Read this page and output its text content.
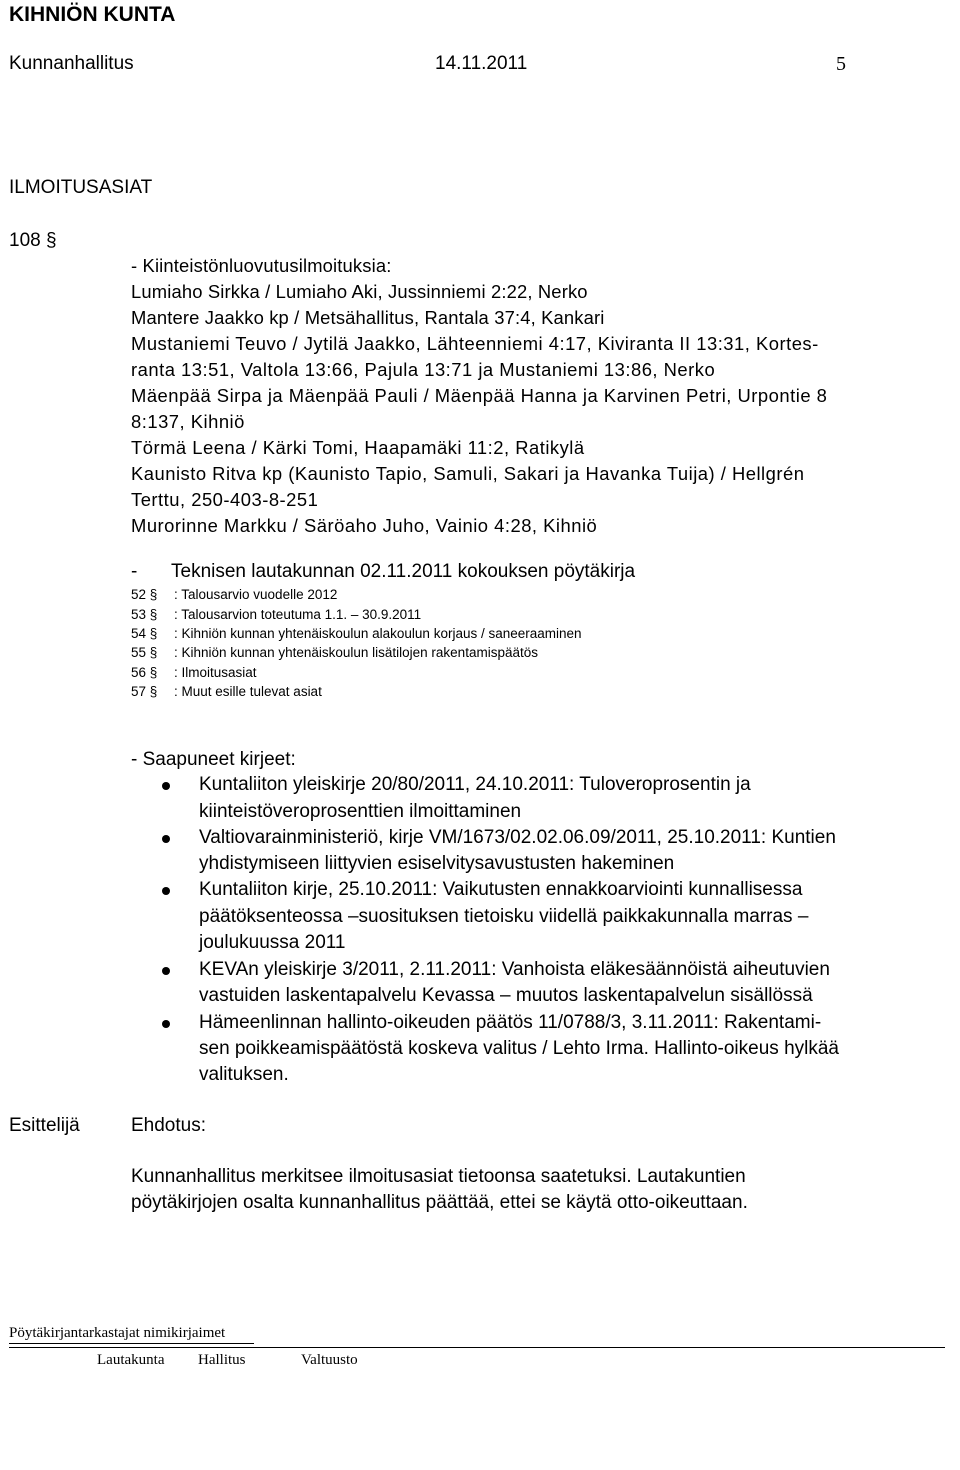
KIHNIÖN KUNTA
Kunnanhallitus	14.11.2011	5
ILMOITUSASIAT
108 §
- Kiinteistönluovutusilmoituksia:
Lumiaho Sirkka / Lumiaho Aki, Jussinniemi 2:22, Nerko
Mantere Jaakko kp / Metsähallitus, Rantala 37:4, Kankari
Mustaniemi Teuvo / Jytilä Jaakko, Lähteenniemi 4:17, Kiviranta II 13:31, Kortes-
ranta 13:51, Valtola 13:66, Pajula 13:71 ja Mustaniemi 13:86, Nerko
Mäenpää Sirpa ja Mäenpää Pauli / Mäenpää Hanna ja Karvinen Petri, Urpontie 8
8:137, Kihniö
Törmä Leena / Kärki Tomi, Haapamäki 11:2, Ratikylä
Kaunisto Ritva kp (Kaunisto Tapio, Samuli, Sakari ja Havanka Tuija) / Hellgrén
Terttu, 250-403-8-251
Murorinne Markku / Säröaho Juho, Vainio 4:28, Kihniö
- Teknisen lautakunnan 02.11.2011 kokouksen pöytäkirja
52 § : Talousarvio vuodelle 2012
53 § : Talousarvion toteutuma 1.1. – 30.9.2011
54 § : Kihniön kunnan yhtenäiskoulun alakoulun korjaus / saneeraaminen
55 § : Kihniön kunnan yhtenäiskoulun lisätilojen rakentamispäätös
56 § : Ilmoitusasiat
57 § : Muut esille tulevat asiat
- Saapuneet kirjeet:
Kuntaliiton yleiskirje 20/80/2011, 24.10.2011: Tuloveroprosentin ja
kiinteistöveroprosenttien ilmoittaminen
Valtiovarainministeriö, kirje VM/1673/02.02.06.09/2011, 25.10.2011: Kuntien
yhdistymiseen liittyvien esiselvitysavustusten hakeminen
Kuntaliiton kirje, 25.10.2011: Vaikutusten ennakkoarviointi kunnallisessa
päätöksenteossa –suosituksen tietoisku viidellä paikkakunnalla marras –
joulukuussa 2011
KEVAn yleiskirje 3/2011, 2.11.2011: Vanhoista eläkesäännöistä aiheutuvien
vastuiden laskentapalvelu Kevassa – muutos laskentapalvelun sisällössä
Hämeenlinnan hallinto-oikeuden päätös 11/0788/3, 3.11.2011: Rakentami-
sen poikkeamispäätöstä koskeva valitus / Lehto Irma. Hallinto-oikeus hylkää
valituksen.
Esittelijä	Ehdotus:
Kunnanhallitus merkitsee ilmoitusasiat tietoonsa saatetuksi. Lautakuntien
pöytäkirjojen osalta kunnanhallitus päättää, ettei se käytä otto-oikeuttaan.
Pöytäkirjantarkastajat nimikirjaimet
Lautakunta Hallitus	Valtuusto
